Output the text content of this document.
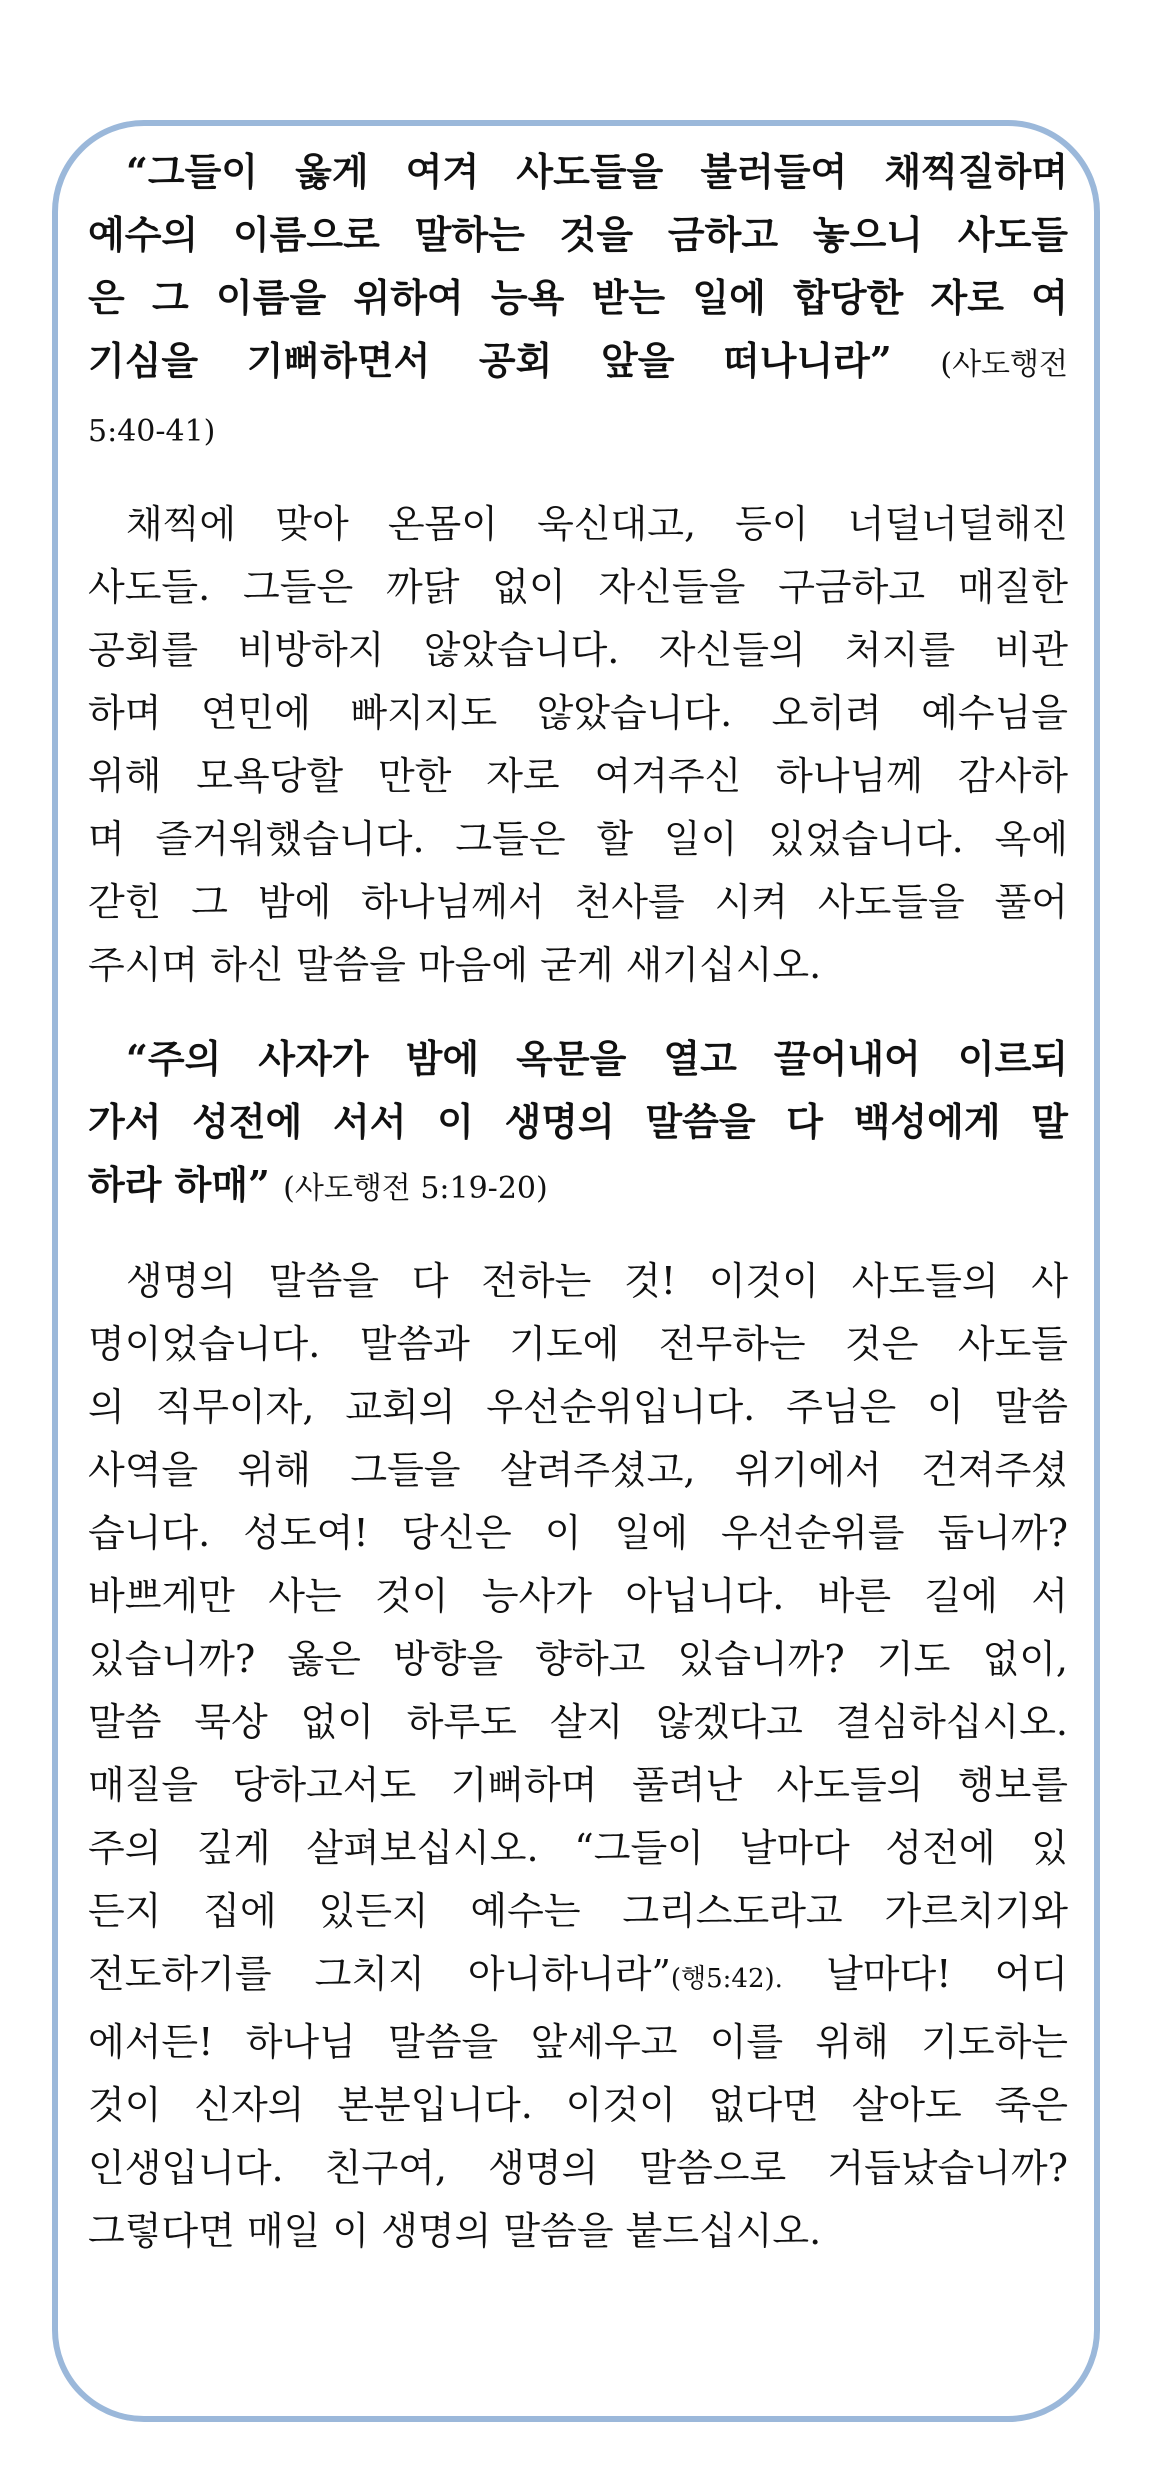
“그들이 옳게 여겨 사도들을 불러들여 채찍질하며
예수의 이름으로 말하는 것을 금하고 놓으니 사도들
은 그 이름을 위하여 능욕 받는 일에 합당한 자로 여
기심을 기뻐하면서 공회 앞을 떠나니라” (사도행전
5:40-41)
채찍에 맞아 온몸이 욱신대고, 등이 너덜너덜해진
사도들. 그들은 까닭 없이 자신들을 구금하고 매질한
공회를 비방하지 않았습니다. 자신들의 처지를 비관
하며 연민에 빠지지도 않았습니다. 오히려 예수님을
위해 모욕당할 만한 자로 여겨주신 하나님께 감사하
며 즐거워했습니다. 그들은 할 일이 있었습니다. 옥에
갇힌 그 밤에 하나님께서 천사를 시켜 사도들을 풀어
주시며 하신 말씀을 마음에 굳게 새기십시오.
“주의 사자가 밤에 옥문을 열고 끌어내어 이르되
가서 성전에 서서 이 생명의 말씀을 다 백성에게 말
하라 하매” (사도행전 5:19-20)
생명의 말씀을 다 전하는 것! 이것이 사도들의 사
명이었습니다. 말씀과 기도에 전무하는 것은 사도들
의 직무이자, 교회의 우선순위입니다. 주님은 이 말씀
사역을 위해 그들을 살려주셨고, 위기에서 건져주셨
습니다. 성도여! 당신은 이 일에 우선순위를 둡니까?
바쁘게만 사는 것이 능사가 아닙니다. 바른 길에 서
있습니까? 옳은 방향을 향하고 있습니까? 기도 없이,
말씀 묵상 없이 하루도 살지 않겠다고 결심하십시오.
매질을 당하고서도 기뻐하며 풀려난 사도들의 행보를
주의 깊게 살펴보십시오. “그들이 날마다 성전에 있
든지 집에 있든지 예수는 그리스도라고 가르치기와
전도하기를 그치지 아니하니라”(행5:42). 날마다! 어디
에서든! 하나님 말씀을 앞세우고 이를 위해 기도하는
것이 신자의 본분입니다. 이것이 없다면 살아도 죽은
인생입니다. 친구여, 생명의 말씀으로 거듭났습니까?
그렇다면 매일 이 생명의 말씀을 붙드십시오.
